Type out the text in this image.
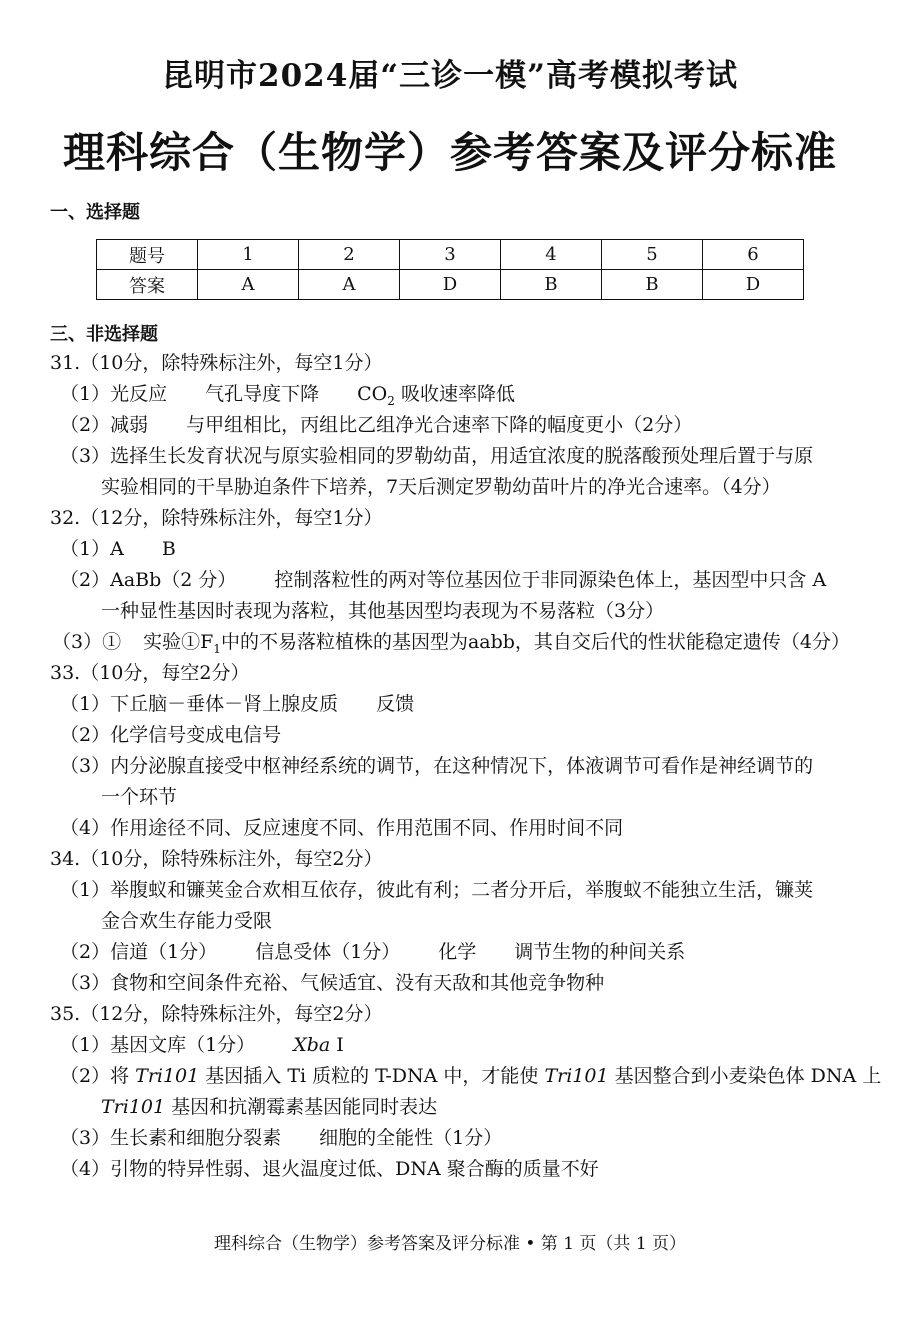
昆明市2024届“三诊一模”高考模拟考试
理科综合（生物学）参考答案及评分标准
一、选择题
题号	1	2	3	4	5	6
答案	A	A	D	B	B	D
三、非选择题
31.（10分，除特殊标注外，每空1分）
（1）光反应 气孔导度下降 $CO_2$ 吸收速率降低
（2）减弱 与甲组相比，丙组比乙组净光合速率下降的幅度更小（2分）
（3）选择生长发育状况与原实验相同的罗勒幼苗，用适宜浓度的脱落酸预处理后置于与原
实验相同的干旱胁迫条件下培养，7天后测定罗勒幼苗叶片的净光合速率。（4分）
32.（12分，除特殊标注外，每空1分）
（1）A B
（2）AaBb（2 分） 控制落粒性的两对等位基因位于非同源染色体上，基因型中只含 A
一种显性基因时表现为落粒，其他基因型均表现为不易落粒（3分）
（3）① 实验$①F_1$中的不易落粒植株的基因型为aabb，其自交后代的性状能稳定遗传（4分）
33.（10分，每空2分）
（1）下丘脑－垂体－肾上腺皮质 反馈
（2）化学信号变成电信号
（3）内分泌腺直接受中枢神经系统的调节，在这种情况下，体液调节可看作是神经调节的
一个环节
（4）作用途径不同、反应速度不同、作用范围不同、作用时间不同
34.（10分，除特殊标注外，每空2分）
（1）举腹蚁和镰荚金合欢相互依存，彼此有利；二者分开后，举腹蚁不能独立生活，镰荚
金合欢生存能力受限
（2）信道（1分） 信息受体（1分） 化学 调节生物的种间关系
（3）食物和空间条件充裕、气候适宜、没有天敌和其他竞争物种
35.（12分，除特殊标注外，每空2分）
（1）基因文库（1分） Xba I
（2）将 Tri101 基因插入 Ti 质粒的 T-DNA 中，才能使 Tri101 基因整合到小麦染色体 DNA 上
Tri101 基因和抗潮霉素基因能同时表达
（3）生长素和细胞分裂素 细胞的全能性（1分）
（4）引物的特异性弱、退火温度过低、DNA 聚合酶的质量不好
理科综合（生物学）参考答案及评分标准 • 第 1 页（共 1 页）
